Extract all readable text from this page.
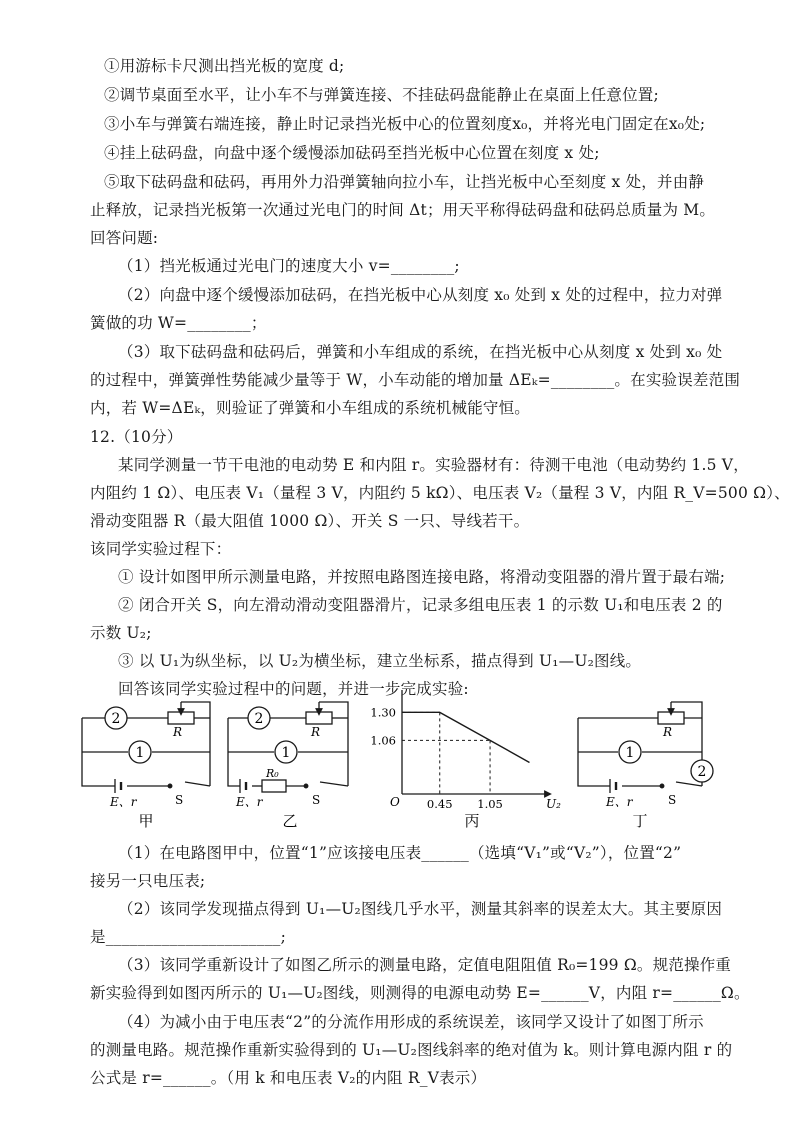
①用游标卡尺测出挡光板的宽度 d;
②调节桌面至水平，让小车不与弹簧连接、不挂砝码盘能静止在桌面上任意位置;
③小车与弹簧右端连接，静止时记录挡光板中心的位置刻度x₀，并将光电门固定在x₀处;
④挂上砝码盘，向盘中逐个缓慢添加砝码至挡光板中心位置在刻度 x 处;
⑤取下砝码盘和砝码，再用外力沿弹簧轴向拉小车，让挡光板中心至刻度 x 处，并由静
止释放，记录挡光板第一次通过光电门的时间 Δt；用天平称得砝码盘和砝码总质量为 M。
回答问题:
（1）挡光板通过光电门的速度大小 v=________;
（2）向盘中逐个缓慢添加砝码，在挡光板中心从刻度 x₀ 处到 x 处的过程中，拉力对弹
簧做的功 W=________；
（3）取下砝码盘和砝码后，弹簧和小车组成的系统，在挡光板中心从刻度 x 处到 x₀ 处
的过程中，弹簧弹性势能减少量等于 W，小车动能的增加量 ΔEₖ=________。在实验误差范围
内，若 W=ΔEₖ，则验证了弹簧和小车组成的系统机械能守恒。
12.（10分）
某同学测量一节干电池的电动势 E 和内阻 r。实验器材有：待测干电池（电动势约 1.5 V，
内阻约 1 Ω）、电压表 V₁（量程 3 V，内阻约 5 kΩ）、电压表 V₂（量程 3 V，内阻 R_V=500 Ω）、
滑动变阻器 R（最大阻值 1000 Ω）、开关 S 一只、导线若干。
该同学实验过程下：
① 设计如图甲所示测量电路，并按照电路图连接电路，将滑动变阻器的滑片置于最右端;
② 闭合开关 S，向左滑动滑动变阻器滑片，记录多组电压表 1 的示数 U₁和电压表 2 的
示数 U₂;
③ 以 U₁为纵坐标，以 U₂为横坐标，建立坐标系，描点得到 U₁—U₂图线。
回答该同学实验过程中的问题，并进一步完成实验:
2
1
R
E、r	S
甲
2
1
R
R₀
E、r	S
乙
U₂
O
1.30
1.06
0.45 1.05
丙
1
2
R
E、r	S
丁
（1）在电路图甲中，位置“1”应该接电压表______（选填“V₁”或“V₂”），位置“2”
接另一只电压表;
（2）该同学发现描点得到 U₁—U₂图线几乎水平，测量其斜率的误差太大。其主要原因
是______________________;
（3）该同学重新设计了如图乙所示的测量电路，定值电阻阻值 R₀=199 Ω。规范操作重
新实验得到如图丙所示的 U₁—U₂图线，则测得的电源电动势 E=______V，内阻 r=______Ω。
（4）为减小由于电压表“2”的分流作用形成的系统误差，该同学又设计了如图丁所示
的测量电路。规范操作重新实验得到的 U₁—U₂图线斜率的绝对值为 k。则计算电源内阻 r 的
公式是 r=______。（用 k 和电压表 V₂的内阻 R_V表示）
